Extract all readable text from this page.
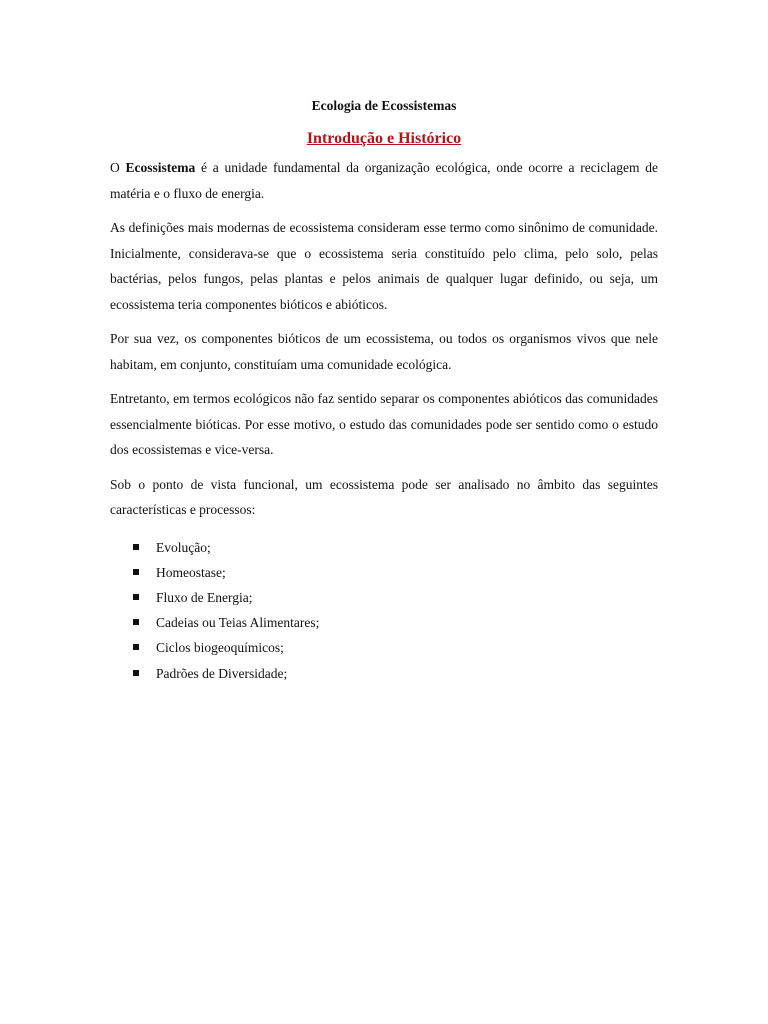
Ecologia de Ecossistemas
Introdução e Histórico

O Ecossistema é a unidade fundamental da organização ecológica, onde ocorre a reciclagem de matéria e o fluxo de energia.

As definições mais modernas de ecossistema consideram esse termo como sinônimo de comunidade. Inicialmente, considerava-se que o ecossistema seria constituído pelo clima, pelo solo, pelas bactérias, pelos fungos, pelas plantas e pelos animais de qualquer lugar definido, ou seja, um ecossistema teria componentes bióticos e abióticos.

Por sua vez, os componentes bióticos de um ecossistema, ou todos os organismos vivos que nele habitam, em conjunto, constituíam uma comunidade ecológica.

Entretanto, em termos ecológicos não faz sentido separar os componentes abióticos das comunidades essencialmente bióticas. Por esse motivo, o estudo das comunidades pode ser sentido como o estudo dos ecossistemas e vice-versa.

Sob o ponto de vista funcional, um ecossistema pode ser analisado no âmbito das seguintes características e processos:

Evolução;
Homeostase;
Fluxo de Energia;
Cadeias ou Teias Alimentares;
Ciclos biogeoquímicos;
Padrões de Diversidade;
